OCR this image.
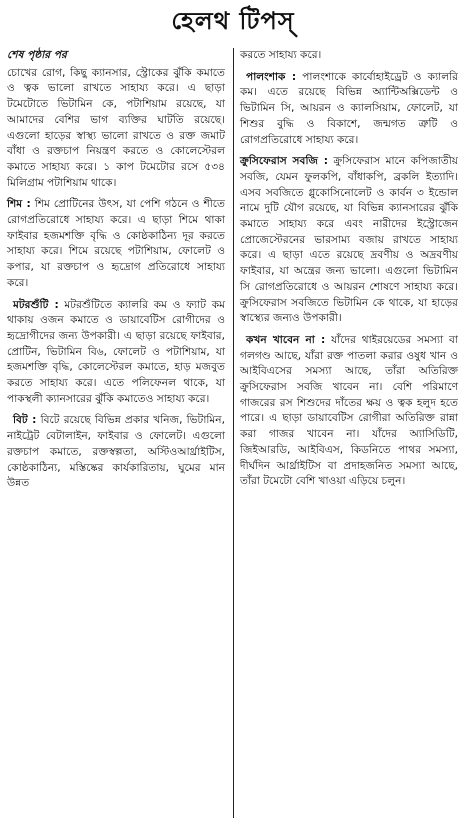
হেলথ টিপস্
শেষ পৃষ্ঠার পর

চোখের রোগ, কিছু ক্যানসার, স্ট্রোকের ঝুঁকি কমাতে ও ত্বক ভালো রাখতে সাহায্য করে। এ ছাড়া টমেটোতে ভিটামিন কে, পটাশিয়াম রয়েছে, যা আমাদের বেশির ভাগ ব্যক্তির ঘাটতি রয়েছে। এগুলো হাড়ের স্বাস্থ্য ভালো রাখতে ও রক্ত জমাট বাঁধা ও রক্তচাপ নিয়ন্ত্রণ করতে ও কোলেস্টেরল কমাতে সাহায্য করে। ১ কাপ টমেটোর রসে ৫৩৪ মিলিগ্রাম পটাশিয়াম থাকে।

শিম : শিম প্রোটিনের উৎস, যা পেশি গঠনে ও শীতে রোগপ্রতিরোধে সাহায্য করে। এ ছাড়া শিমে থাকা ফাইবার হজমশক্তি বৃদ্ধি ও কোষ্ঠকাঠিন্য দূর করতে সাহায্য করে। শিমে রয়েছে পটাশিয়াম, ফোলেট ও কপার, যা রক্তচাপ ও হৃদ্রোগ প্রতিরোধে সাহায্য করে।

মটরশুঁটি : মটরশুঁটিতে ক্যালরি কম ও ফ্যাট কম থাকায় ওজন কমাতে ও ডায়াবেটিস রোগীদের ও হৃদ্রোগীদের জন্য উপকারী। এ ছাড়া রয়েছে ফাইবার, প্রোটিন, ভিটামিন বি৬, ফোলেট ও পটাশিয়াম, যা হজমশক্তি বৃদ্ধি, কোলেস্টেরল কমাতে, হাড় মজবুত করতে সাহায্য করে। এতে পলিফেনল থাকে, যা পাকস্থলী ক্যানসারের ঝুঁকি কমাতেও সাহায্য করে।

বিট : বিটে রয়েছে বিভিন্ন প্রকার খনিজ, ভিটামিন, নাইট্রেট বেটালাইন, ফাইবার ও ফোলেট। এগুলো রক্তচাপ কমাতে, রক্তস্বল্পতা, অস্টিওআর্থ্রাইটিস, কোষ্ঠকাঠিন্য, মস্তিষ্কের কার্যকারিতায়, ঘুমের মান উন্নত

করতে সাহায্য করে।

পালংশাক : পালংশাকে কার্বোহাইড্রেট ও ক্যালরি কম। এতে রয়েছে বিভিন্ন অ্যান্টিঅক্সিডেন্ট ও ভিটামিন সি, আয়রন ও ক্যালসিয়াম, ফোলেট, যা শিশুর বুদ্ধি ও বিকাশে, জন্মগত ত্রুটি ও রোগপ্রতিরোধে সাহায্য করে।

ক্রুসিফেরাস সবজি : ক্রুসিফেরাস মানে কপিজাতীয় সবজি, যেমন ফুলকপি, বাঁধাকপি, ব্রকলি ইত্যাদি। এসব সবজিতে গ্লুকোসিনোলেট ও কার্বন ৩ ইন্ডোল নামে দুটি যৌগ রয়েছে, যা বিভিন্ন ক্যানসারের ঝুঁকি কমাতে সাহায্য করে এবং নারীদের ইস্ট্রোজেন প্রোজেস্টেরনের ভারসাম্য বজায় রাখতে সাহায্য করে। এ ছাড়া এতে রয়েছে দ্রবণীয় ও অদ্রবণীয় ফাইবার, যা অন্ত্রের জন্য ভালো। এগুলো ভিটামিন সি রোগপ্রতিরোধে ও আয়রন শোষণে সাহায্য করে। ক্রুসিফেরাস সবজিতে ভিটামিন কে থাকে, যা হাড়ের স্বাস্থ্যের জন্যও উপকারী।

কখন খাবেন না : যাঁদের থাইরয়েডের সমস্যা বা গলগণ্ড আছে, যাঁরা রক্ত পাতলা করার ওষুধ খান ও আইবিএসের সমস্যা আছে, তাঁরা অতিরিক্ত ক্রুসিফেরাস সবজি খাবেন না। বেশি পরিমাণে গাজরের রস শিশুদের দাঁতের ক্ষয় ও ত্বক হলুদ হতে পারে। এ ছাড়া ডায়াবেটিস রোগীরা অতিরিক্ত রান্না করা গাজর খাবেন না। যাঁদের অ্যাসিডিটি, জিইআরডি, আইবিএস, কিডনিতে পাথর সমস্যা, দীর্ঘদিন আর্থ্রাইটিস বা প্রদাহজনিত সমস্যা আছে, তাঁরা টমেটো বেশি খাওয়া এড়িয়ে চলুন।
